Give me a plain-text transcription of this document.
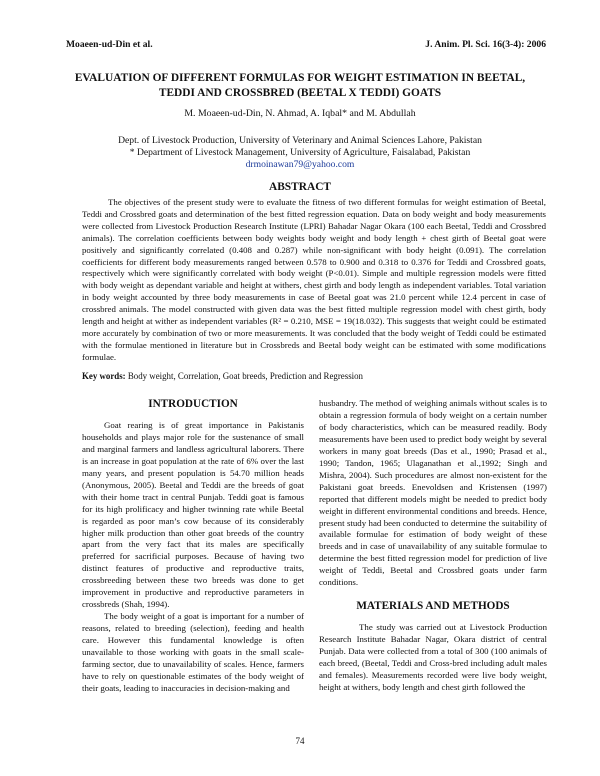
Moaeen-ud-Din et al.	J. Anim. Pl. Sci. 16(3-4): 2006
EVALUATION OF DIFFERENT FORMULAS FOR WEIGHT ESTIMATION IN BEETAL,
TEDDI AND CROSSBRED (BEETAL X TEDDI) GOATS
M. Moaeen-ud-Din, N. Ahmad, A. Iqbal* and M. Abdullah
Dept. of Livestock Production, University of Veterinary and Animal Sciences Lahore, Pakistan
* Department of Livestock Management, University of Agriculture, Faisalabad, Pakistan
drmoinawan79@yahoo.com
ABSTRACT
The objectives of the present study were to evaluate the fitness of two different formulas for weight estimation of Beetal, Teddi and Crossbred goats and determination of the best fitted regression equation. Data on body weight and body measurements were collected from Livestock Production Research Institute (LPRI) Bahadar Nagar Okara (100 each Beetal, Teddi and Crossbred animals). The correlation coefficients between body weights body weight and body length + chest girth of Beetal goat were positively and significantly correlated (0.408 and 0.287) while non-significant with body height (0.091). The correlation coefficients for different body measurements ranged between 0.578 to 0.900 and 0.318 to 0.376 for Teddi and Crossbred goats, respectively which were significantly correlated with body weight (P<0.01). Simple and multiple regression models were fitted with body weight as dependant variable and height at withers, chest girth and body length as independent variables. Total variation in body weight accounted by three body measurements in case of Beetal goat was 21.0 percent while 12.4 percent in case of crossbred animals. The model constructed with given data was the best fitted multiple regression model with chest girth, body length and height at wither as independent variables (R² = 0.210, MSE = 19(18.032). This suggests that weight could be estimated more accurately by combination of two or more measurements. It was concluded that the body weight of Teddi could be estimated with the formulae mentioned in literature but in Crossbreds and Beetal body weight can be estimated with some modifications formulae.
Key words: Body weight, Correlation, Goat breeds, Prediction and Regression
INTRODUCTION

Goat rearing is of great importance in Pakistanis households and plays major role for the sustenance of small and marginal farmers and landless agricultural laborers. There is an increase in goat population at the rate of 6% over the last many years, and present population is 54.70 million heads (Anonymous, 2005). Beetal and Teddi are the breeds of goat with their home tract in central Punjab. Teddi goat is famous for its high prolificacy and higher twinning rate while Beetal is regarded as poor man’s cow because of its considerably higher milk production than other goat breeds of the country apart from the very fact that its males are specifically preferred for sacrificial purposes. Because of having two distinct features of productive and reproductive traits, crossbreeding between these two breeds was done to get improvement in productive and reproductive parameters in crossbreds (Shah, 1994).

The body weight of a goat is important for a number of reasons, related to breeding (selection), feeding and health care. However this fundamental knowledge is often unavailable to those working with goats in the small scale-farming sector, due to unavailability of scales. Hence, farmers have to rely on questionable estimates of the body weight of their goats, leading to inaccuracies in decision-making and

husbandry. The method of weighing animals without scales is to obtain a regression formula of body weight on a certain number of body characteristics, which can be measured readily. Body measurements have been used to predict body weight by several workers in many goat breeds (Das et al., 1990; Prasad et al., 1990; Tandon, 1965; Ulaganathan et al.,1992; Singh and Mishra, 2004). Such procedures are almost non-existent for the Pakistani goat breeds. Enevoldsen and Kristensen (1997) reported that different models might be needed to predict body weight in different environmental conditions and breeds. Hence, present study had been conducted to determine the suitability of available formulae for estimation of body weight of these breeds and in case of unavailability of any suitable formulae to determine the best fitted regression model for prediction of live weight of Teddi, Beetal and Crossbred goats under farm conditions.

MATERIALS AND METHODS

The study was carried out at Livestock Production Research Institute Bahadar Nagar, Okara district of central Punjab. Data were collected from a total of 300 (100 animals of each breed, (Beetal, Teddi and Cross-bred including adult males and females). Measurements recorded were live body weight, height at withers, body length and chest girth followed the

74
